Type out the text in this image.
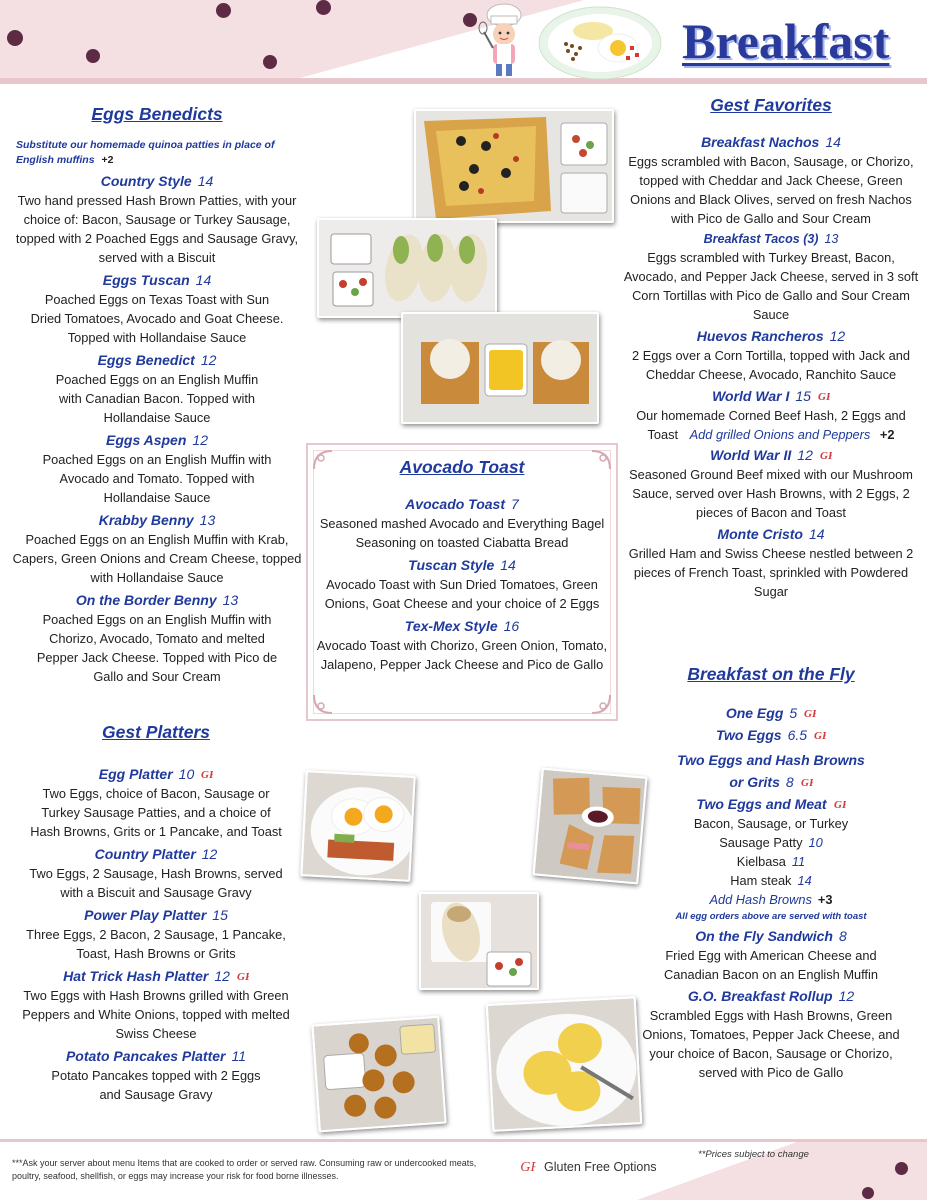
Breakfast
Eggs Benedicts
Substitute our homemade quinoa patties in place of English muffins +2
Country Style 14
Two hand pressed Hash Brown Patties, with your choice of: Bacon, Sausage or Turkey Sausage, topped with 2 Poached Eggs and Sausage Gravy, served with a Biscuit
Eggs Tuscan 14
Poached Eggs on Texas Toast with Sun Dried Tomatoes, Avocado and Goat Cheese. Topped with Hollandaise Sauce
Eggs Benedict 12
Poached Eggs on an English Muffin with Canadian Bacon. Topped with Hollandaise Sauce
Eggs Aspen 12
Poached Eggs on an English Muffin with Avocado and Tomato. Topped with Hollandaise Sauce
Krabby Benny 13
Poached Eggs on an English Muffin with Krab, Capers, Green Onions and Cream Cheese, topped with Hollandaise Sauce
On the Border Benny 13
Poached Eggs on an English Muffin with Chorizo, Avocado, Tomato and melted Pepper Jack Cheese. Topped with Pico de Gallo and Sour Cream
Gest Platters
Egg Platter 10
Two Eggs, choice of Bacon, Sausage or Turkey Sausage Patties, and a choice of Hash Browns, Grits or 1 Pancake, and Toast
Country Platter 12
Two Eggs, 2 Sausage, Hash Browns, served with a Biscuit and Sausage Gravy
Power Play Platter 15
Three Eggs, 2 Bacon, 2 Sausage, 1 Pancake, Toast, Hash Browns or Grits
Hat Trick Hash Platter 12
Two Eggs with Hash Browns grilled with Green Peppers and White Onions, topped with melted Swiss Cheese
Potato Pancakes Platter 11
Potato Pancakes topped with 2 Eggs and Sausage Gravy
Avocado Toast
Avocado Toast 7
Seasoned mashed Avocado and Everything Bagel Seasoning on toasted Ciabatta Bread
Tuscan Style 14
Avocado Toast with Sun Dried Tomatoes, Green Onions, Goat Cheese and your choice of 2 Eggs
Tex-Mex Style 16
Avocado Toast with Chorizo, Green Onion, Tomato, Jalapeno, Pepper Jack Cheese and Pico de Gallo
Gest Favorites
Breakfast Nachos 14
Eggs scrambled with Bacon, Sausage, or Chorizo, topped with Cheddar and Jack Cheese, Green Onions and Black Olives, served on fresh Nachos with Pico de Gallo and Sour Cream
Breakfast Tacos (3) 13
Eggs scrambled with Turkey Breast, Bacon, Avocado, and Pepper Jack Cheese, served in 3 soft Corn Tortillas with Pico de Gallo and Sour Cream Sauce
Huevos Rancheros 12
2 Eggs over a Corn Tortilla, topped with Jack and Cheddar Cheese, Avocado, Ranchito Sauce
World War I 15
Our homemade Corned Beef Hash, 2 Eggs and Toast Add grilled Onions and Peppers +2
World War II 12
Seasoned Ground Beef mixed with our Mushroom Sauce, served over Hash Browns, with 2 Eggs, 2 pieces of Bacon and Toast
Monte Cristo 14
Grilled Ham and Swiss Cheese nestled between 2 pieces of French Toast, sprinkled with Powdered Sugar
Breakfast on the Fly
One Egg 5
Two Eggs 6.5
Two Eggs and Hash Browns
or Grits 8
Two Eggs and Meat
Bacon, Sausage, or Turkey
Sausage Patty 10
Kielbasa 11
Ham steak 14
Add Hash Browns +3
All egg orders above are served with toast
On the Fly Sandwich 8
Fried Egg with American Cheese and Canadian Bacon on an English Muffin
G.O. Breakfast Rollup 12
Scrambled Eggs with Hash Browns, Green Onions, Tomatoes, Pepper Jack Cheese, and your choice of Bacon, Sausage or Chorizo, served with Pico de Gallo
***Ask your server about menu Items that are cooked to order or served raw. Consuming raw or undercooked meats, poultry, seafood, shellfish, or eggs may increase your risk for food borne illnesses.
Gluten Free Options
**Prices subject to change
